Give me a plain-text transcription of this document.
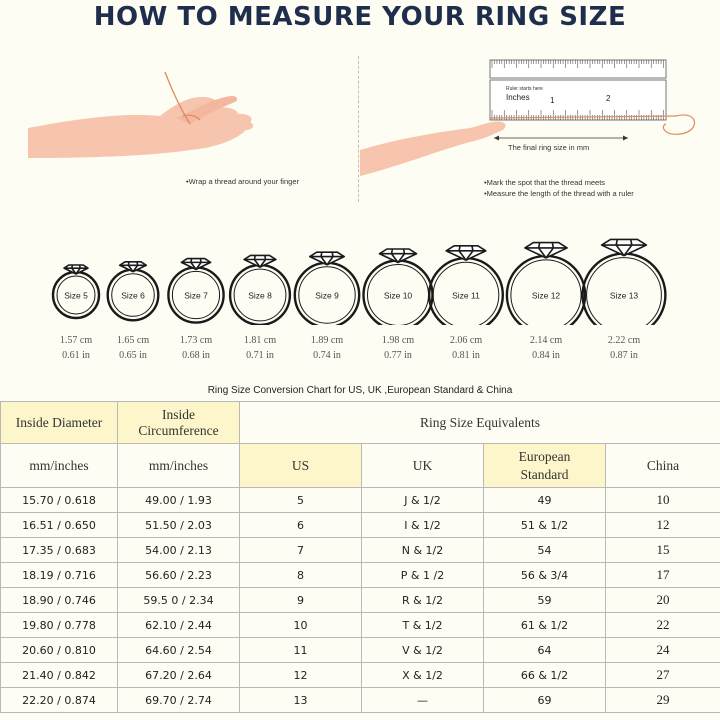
HOW TO MEASURE YOUR RING SIZE
• Wrap a thread around your finger	• Mark the spot that the thread meets
• Measure the length of the thread with a ruler
Ruler starts here
Inches	1	2
The final ring size in mm
Size 5	Size 6	Size 7	Size 8	Size 9	Size 10	Size 11	Size 12	Size 13
1.57 cm
0.61 in
1.65 cm
0.65 in
1.73 cm
0.68 in
1.81 cm
0.71 in
1.89 cm
0.74 in
1.98 cm
0.77 in
2.06 cm
0.81 in
2.14 cm
0.84 in
2.22 cm
0.87 in
Ring Size Conversion Chart for US, UK ,European Standard & China
Inside Diameter	Inside
Circumference	Ring Size Equivalents			
mm/inches	mm/inches	US	UK	European
Standard	China
15.70 / 0.618	49.00 / 1.93	5	J & 1/2	49	10
16.51 / 0.650	51.50 / 2.03	6	I & 1/2	51 & 1/2	12
17.35 / 0.683	54.00 / 2.13	7	N & 1/2	54	15
18.19 / 0.716	56.60 / 2.23	8	P & 1 /2	56 & 3/4	17
18.90 / 0.746	59.5 0 / 2.34	9	R & 1/2	59	20
19.80 / 0.778	62.10 / 2.44	10	T & 1/2	61 & 1/2	22
20.60 / 0.810	64.60 / 2.54	11	V & 1/2	64	24
21.40 / 0.842	67.20 / 2.64	12	X & 1/2	66 & 1/2	27
22.20 / 0.874	69.70 / 2.74	13	—	69	29
